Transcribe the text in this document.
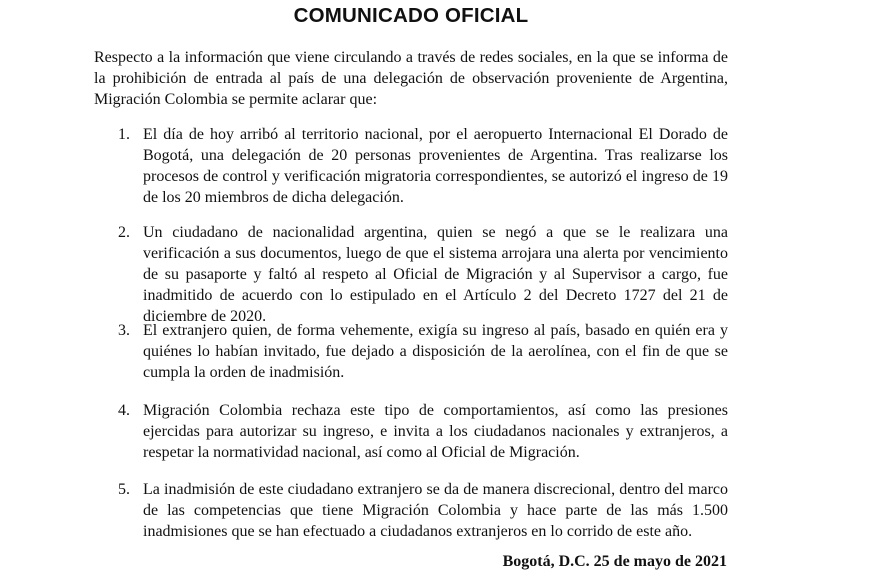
COMUNICADO OFICIAL
Respecto a la información que viene circulando a través de redes sociales, en la que se informa de la prohibición de entrada al país de una delegación de observación proveniente de Argentina, Migración Colombia se permite aclarar que:
1. El día de hoy arribó al territorio nacional, por el aeropuerto Internacional El Dorado de Bogotá, una delegación de 20 personas provenientes de Argentina. Tras realizarse los procesos de control y verificación migratoria correspondientes, se autorizó el ingreso de 19 de los 20 miembros de dicha delegación.
2. Un ciudadano de nacionalidad argentina, quien se negó a que se le realizara una verificación a sus documentos, luego de que el sistema arrojara una alerta por vencimiento de su pasaporte y faltó al respeto al Oficial de Migración y al Supervisor a cargo, fue inadmitido de acuerdo con lo estipulado en el Artículo 2 del Decreto 1727 del 21 de diciembre de 2020.
3. El extranjero quien, de forma vehemente, exigía su ingreso al país, basado en quién era y quiénes lo habían invitado, fue dejado a disposición de la aerolínea, con el fin de que se cumpla la orden de inadmisión.
4. Migración Colombia rechaza este tipo de comportamientos, así como las presiones ejercidas para autorizar su ingreso, e invita a los ciudadanos nacionales y extranjeros, a respetar la normatividad nacional, así como al Oficial de Migración.
5. La inadmisión de este ciudadano extranjero se da de manera discrecional, dentro del marco de las competencias que tiene Migración Colombia y hace parte de las más 1.500 inadmisiones que se han efectuado a ciudadanos extranjeros en lo corrido de este año.
Bogotá, D.C. 25 de mayo de 2021
